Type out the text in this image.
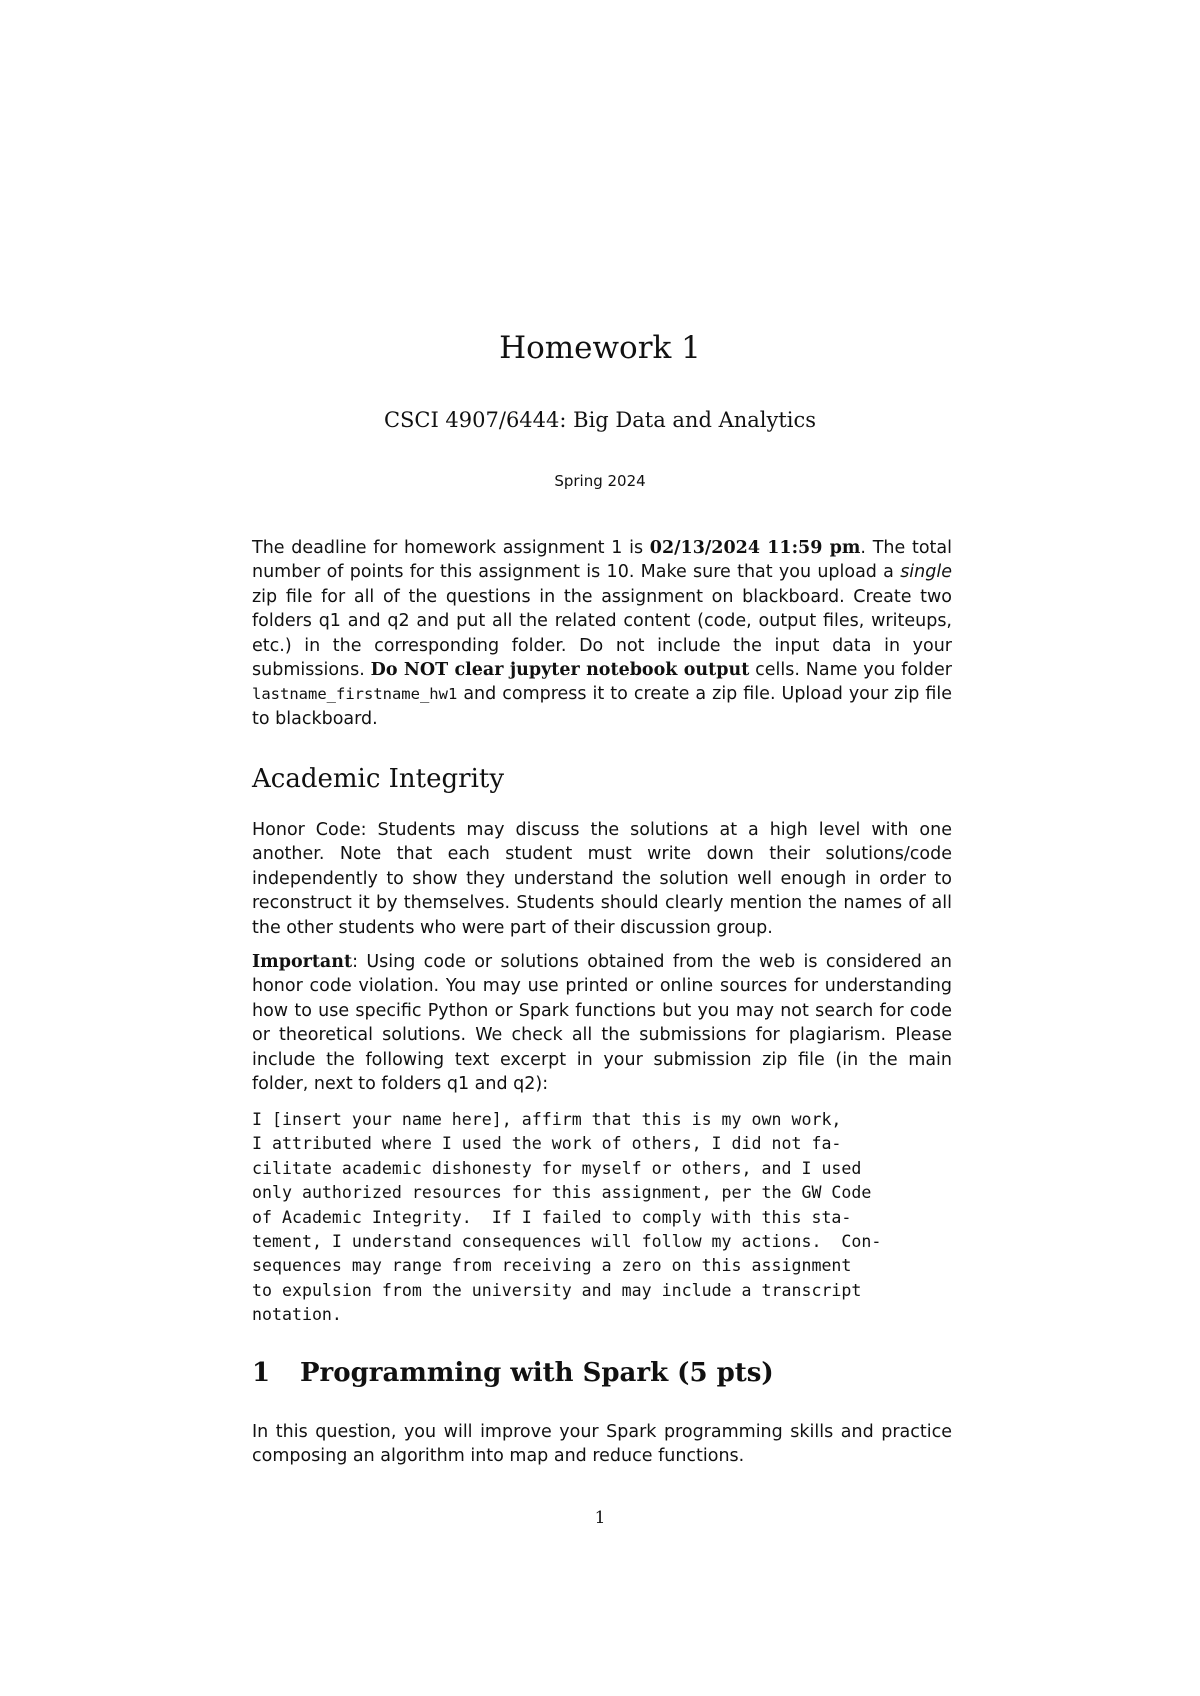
Homework 1
CSCI 4907/6444: Big Data and Analytics
Spring 2024

The deadline for homework assignment 1 is 02/13/2024 11:59 pm. The total number of points for this assignment is 10. Make sure that you upload a single zip file for all of the questions in the assignment on blackboard. Create two folders q1 and q2 and put all the related content (code, output files, writeups, etc.) in the corresponding folder. Do not include the input data in your submissions. Do NOT clear jupyter notebook output cells. Name you folder lastname_firstname_hw1 and compress it to create a zip file. Upload your zip file to blackboard.

Academic Integrity

Honor Code: Students may discuss the solutions at a high level with one another. Note that each student must write down their solutions/code independently to show they understand the solution well enough in order to reconstruct it by themselves. Students should clearly mention the names of all the other students who were part of their discussion group.

Important: Using code or solutions obtained from the web is considered an honor code violation. You may use printed or online sources for understanding how to use specific Python or Spark functions but you may not search for code or theoretical solutions. We check all the submissions for plagiarism. Please include the following text excerpt in your submission zip file (in the main folder, next to folders q1 and q2):

I [insert your name here], affirm that this is my own work,
I attributed where I used the work of others, I did not fa-
cilitate academic dishonesty for myself or others, and I used
only authorized resources for this assignment, per the GW Code
of Academic Integrity.  If I failed to comply with this sta-
tement, I understand consequences will follow my actions.  Con-
sequences may range from receiving a zero on this assignment
to expulsion from the university and may include a transcript
notation.
1 Programming with Spark (5 pts)

In this question, you will improve your Spark programming skills and practice composing an algorithm into map and reduce functions.

1
